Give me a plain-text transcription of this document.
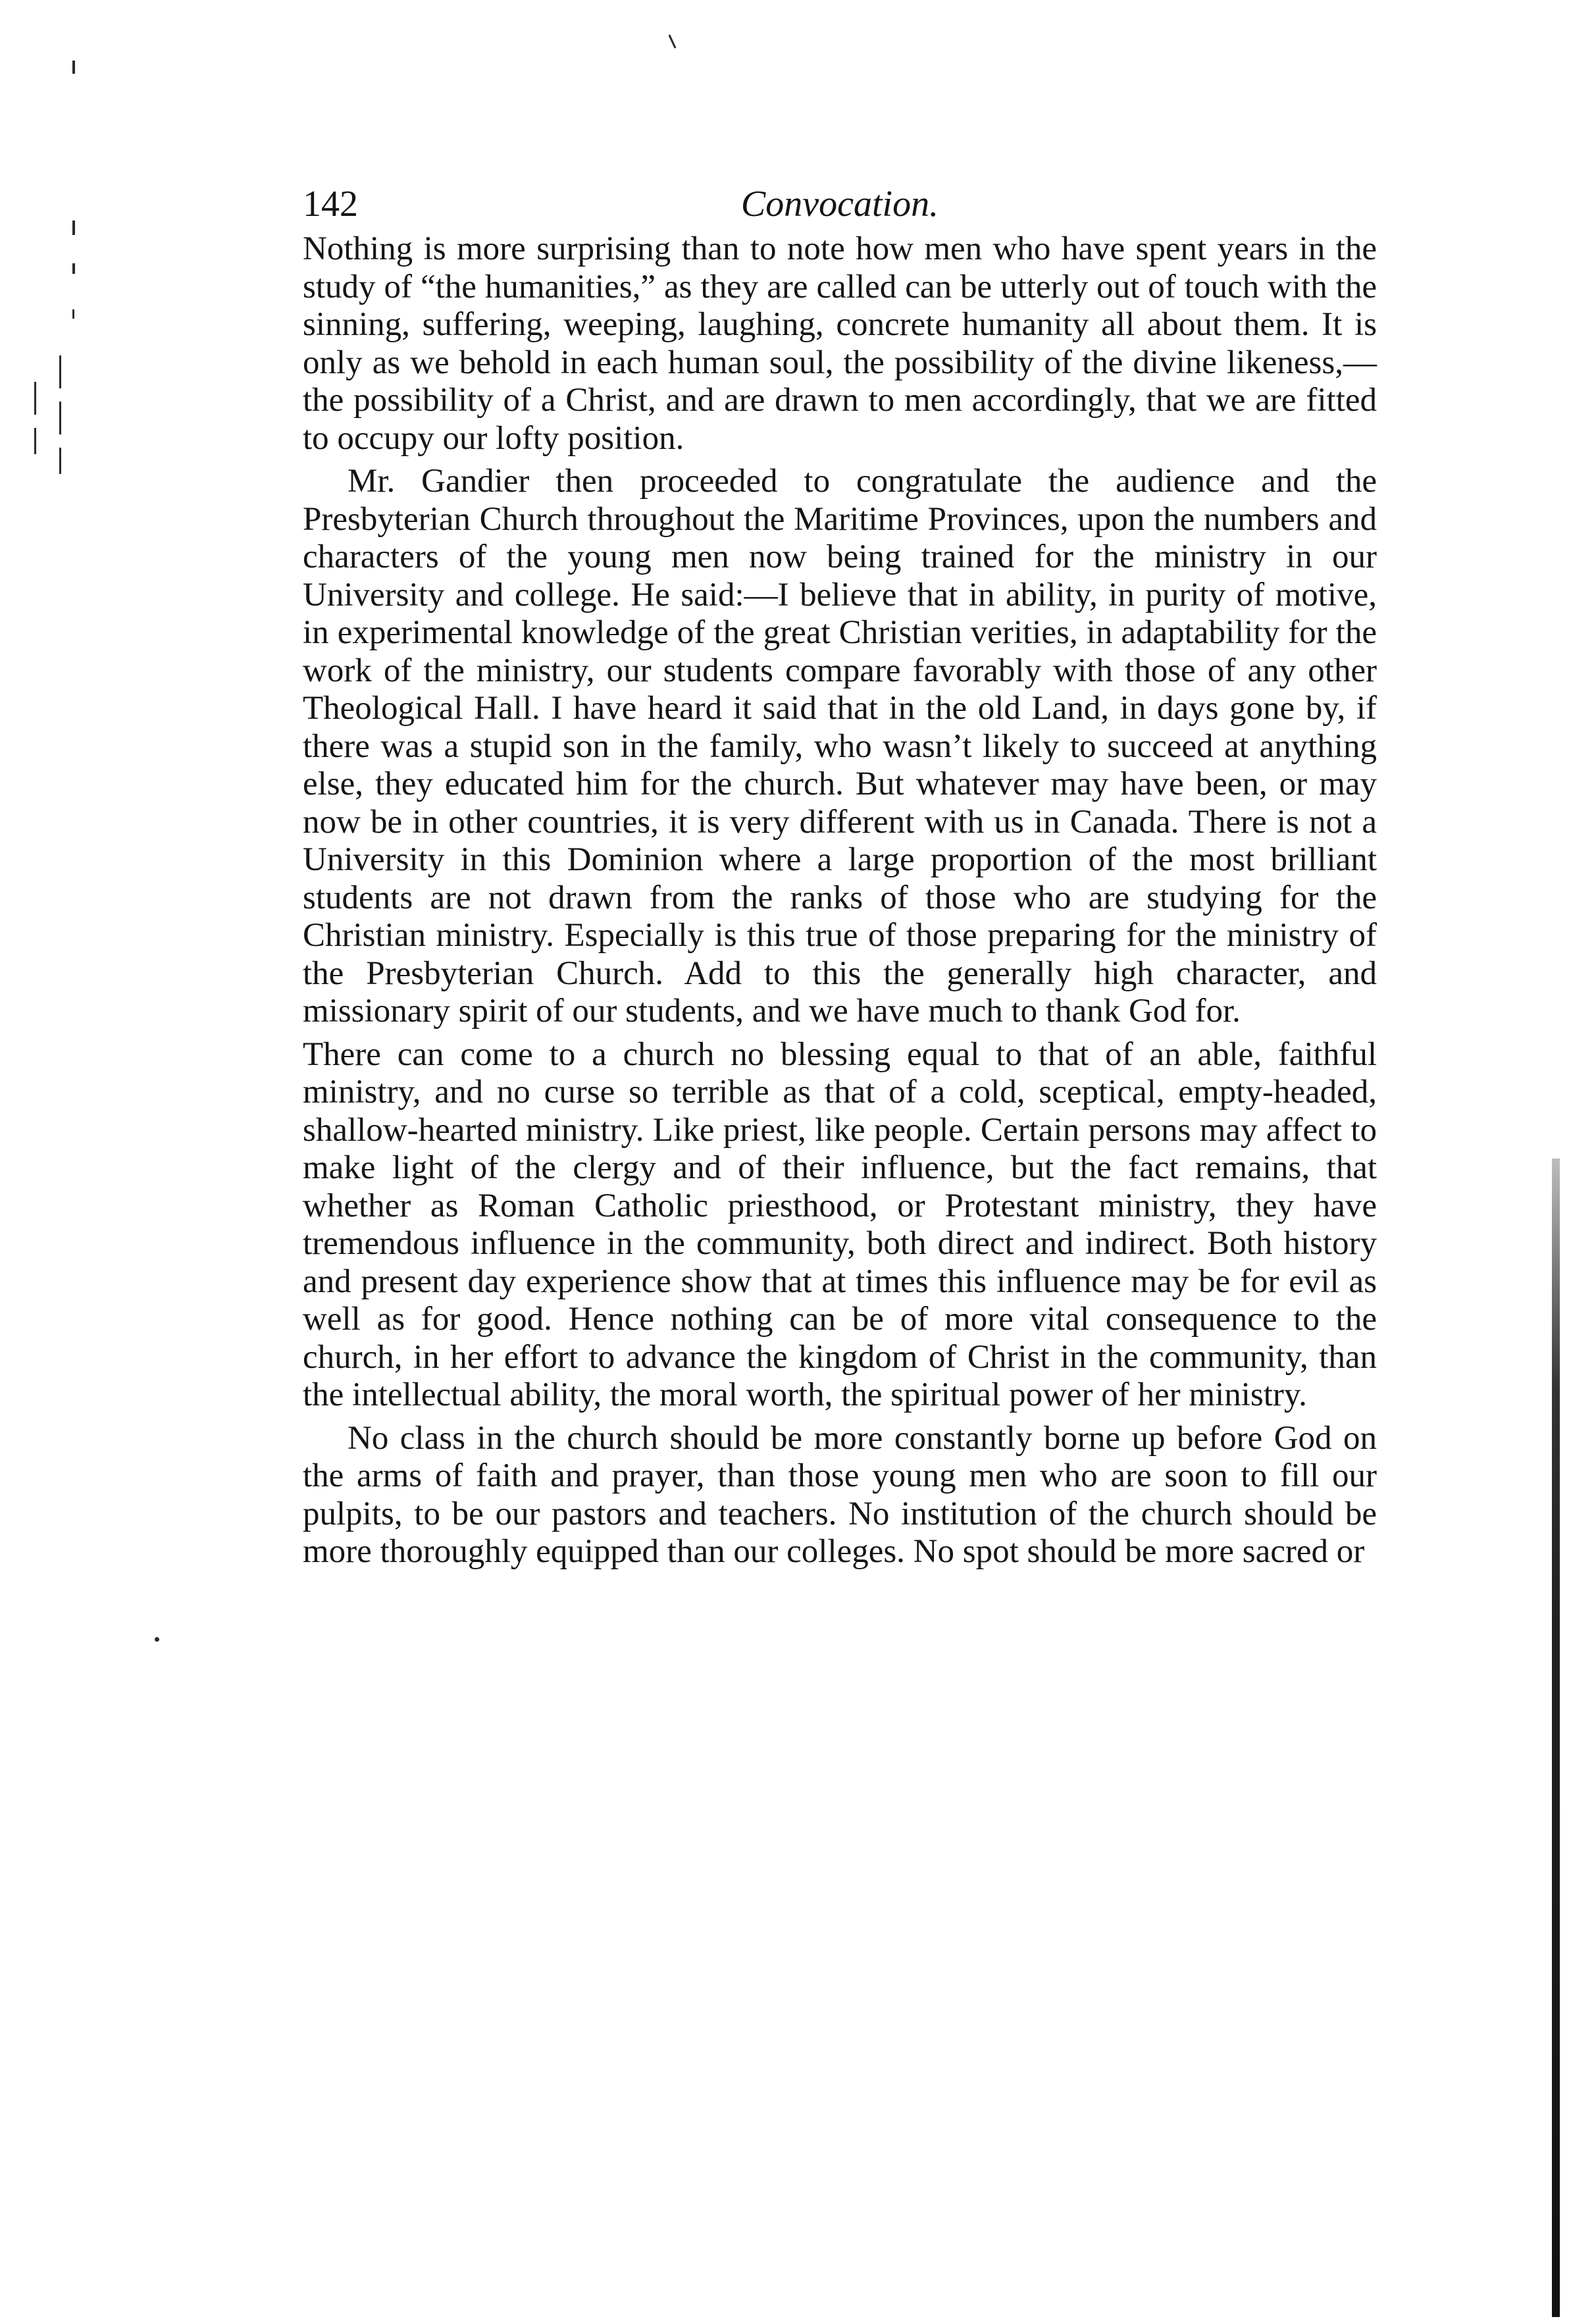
142	Convocation.

Nothing is more surprising than to note how men who have spent years in the study of “the humanities,” as they are called can be utterly out of touch with the sinning, suffering, weeping, laughing, concrete humanity all about them. It is only as we behold in each human soul, the possibility of the divine likeness,—the possibility of a Christ, and are drawn to men accordingly, that we are fitted to occupy our lofty position.

Mr. Gandier then proceeded to congratulate the audience and the Presbyterian Church throughout the Maritime Provinces, upon the numbers and characters of the young men now being trained for the ministry in our University and college. He said:—I believe that in ability, in purity of motive, in experimental knowledge of the great Christian verities, in adaptability for the work of the ministry, our students compare favorably with those of any other Theological Hall. I have heard it said that in the old Land, in days gone by, if there was a stupid son in the family, who wasn’t likely to succeed at anything else, they educated him for the church. But whatever may have been, or may now be in other countries, it is very different with us in Canada. There is not a University in this Dominion where a large proportion of the most brilliant students are not drawn from the ranks of those who are studying for the Christian ministry. Especially is this true of those preparing for the ministry of the Presbyterian Church. Add to this the generally high character, and missionary spirit of our students, and we have much to thank God for.

There can come to a church no blessing equal to that of an able, faithful ministry, and no curse so terrible as that of a cold, sceptical, empty-headed, shallow-hearted ministry. Like priest, like people. Certain persons may affect to make light of the clergy and of their influence, but the fact remains, that whether as Roman Catholic priesthood, or Protestant ministry, they have tremendous influence in the community, both direct and indirect. Both history and present day experience show that at times this influence may be for evil as well as for good. Hence nothing can be of more vital consequence to the church, in her effort to advance the kingdom of Christ in the community, than the intellectual ability, the moral worth, the spiritual power of her ministry.

No class in the church should be more constantly borne up before God on the arms of faith and prayer, than those young men who are soon to fill our pulpits, to be our pastors and teachers. No institution of the church should be more thoroughly equipped than our colleges. No spot should be more sacred or
